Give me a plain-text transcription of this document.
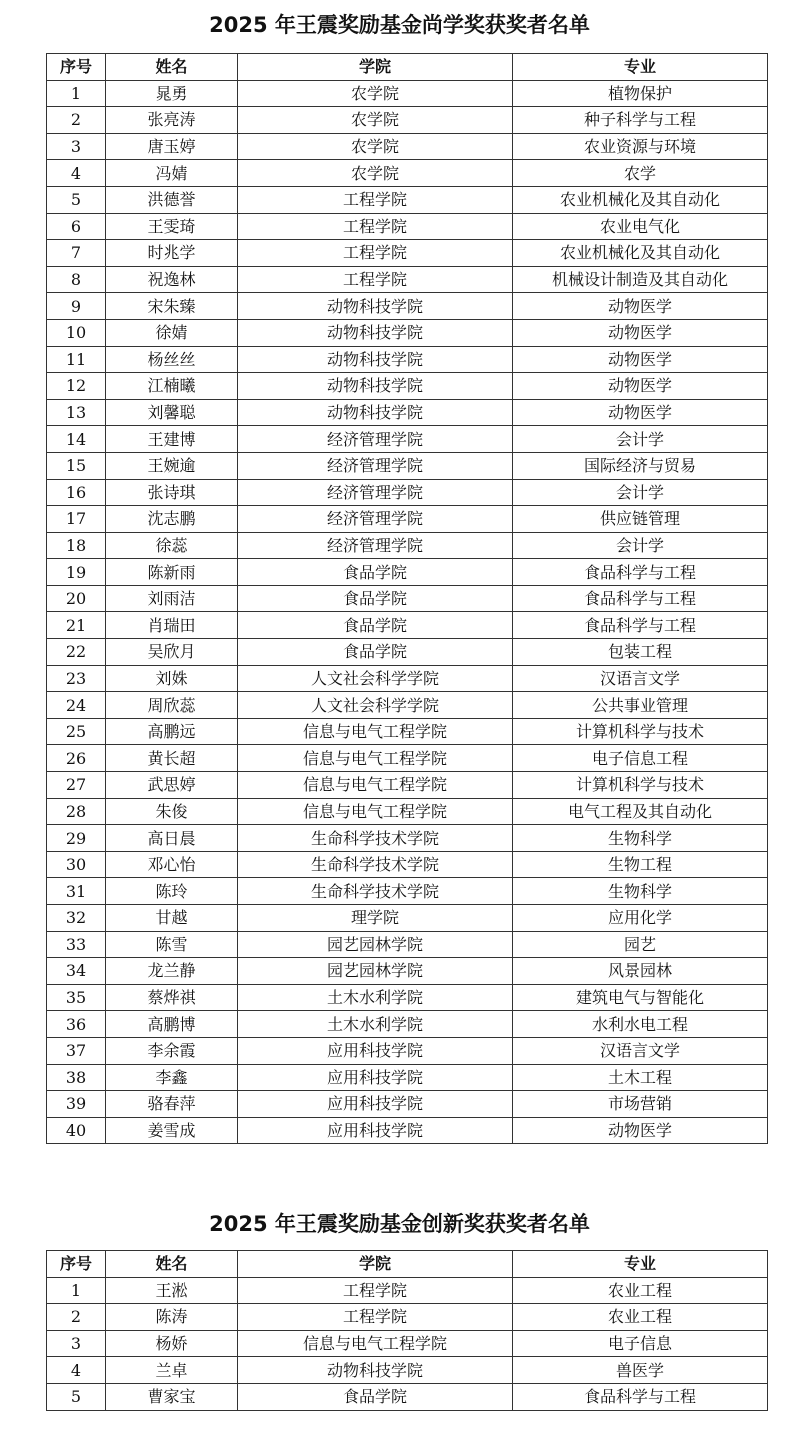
2025 年王震奖励基金尚学奖获奖者名单
序号	姓名	学院	专业
1	晁勇	农学院	植物保护
2	张亮涛	农学院	种子科学与工程
3	唐玉婷	农学院	农业资源与环境
4	冯婧	农学院	农学
5	洪德誉	工程学院	农业机械化及其自动化
6	王雯琦	工程学院	农业电气化
7	时兆学	工程学院	农业机械化及其自动化
8	祝逸林	工程学院	机械设计制造及其自动化
9	宋朱臻	动物科技学院	动物医学
10	徐婧	动物科技学院	动物医学
11	杨丝丝	动物科技学院	动物医学
12	江楠曦	动物科技学院	动物医学
13	刘馨聪	动物科技学院	动物医学
14	王建博	经济管理学院	会计学
15	王婉逾	经济管理学院	国际经济与贸易
16	张诗琪	经济管理学院	会计学
17	沈志鹏	经济管理学院	供应链管理
18	徐蕊	经济管理学院	会计学
19	陈新雨	食品学院	食品科学与工程
20	刘雨洁	食品学院	食品科学与工程
21	肖瑞田	食品学院	食品科学与工程
22	吴欣月	食品学院	包装工程
23	刘姝	人文社会科学学院	汉语言文学
24	周欣蕊	人文社会科学学院	公共事业管理
25	高鹏远	信息与电气工程学院	计算机科学与技术
26	黄长超	信息与电气工程学院	电子信息工程
27	武思婷	信息与电气工程学院	计算机科学与技术
28	朱俊	信息与电气工程学院	电气工程及其自动化
29	高日晨	生命科学技术学院	生物科学
30	邓心怡	生命科学技术学院	生物工程
31	陈玲	生命科学技术学院	生物科学
32	甘越	理学院	应用化学
33	陈雪	园艺园林学院	园艺
34	龙兰静	园艺园林学院	风景园林
35	蔡烨祺	土木水利学院	建筑电气与智能化
36	高鹏博	土木水利学院	水利水电工程
37	李余霞	应用科技学院	汉语言文学
38	李鑫	应用科技学院	土木工程
39	骆春萍	应用科技学院	市场营销
40	姜雪成	应用科技学院	动物医学
2025 年王震奖励基金创新奖获奖者名单
序号	姓名	学院	专业
1	王淞	工程学院	农业工程
2	陈涛	工程学院	农业工程
3	杨娇	信息与电气工程学院	电子信息
4	兰卓	动物科技学院	兽医学
5	曹家宝	食品学院	食品科学与工程
